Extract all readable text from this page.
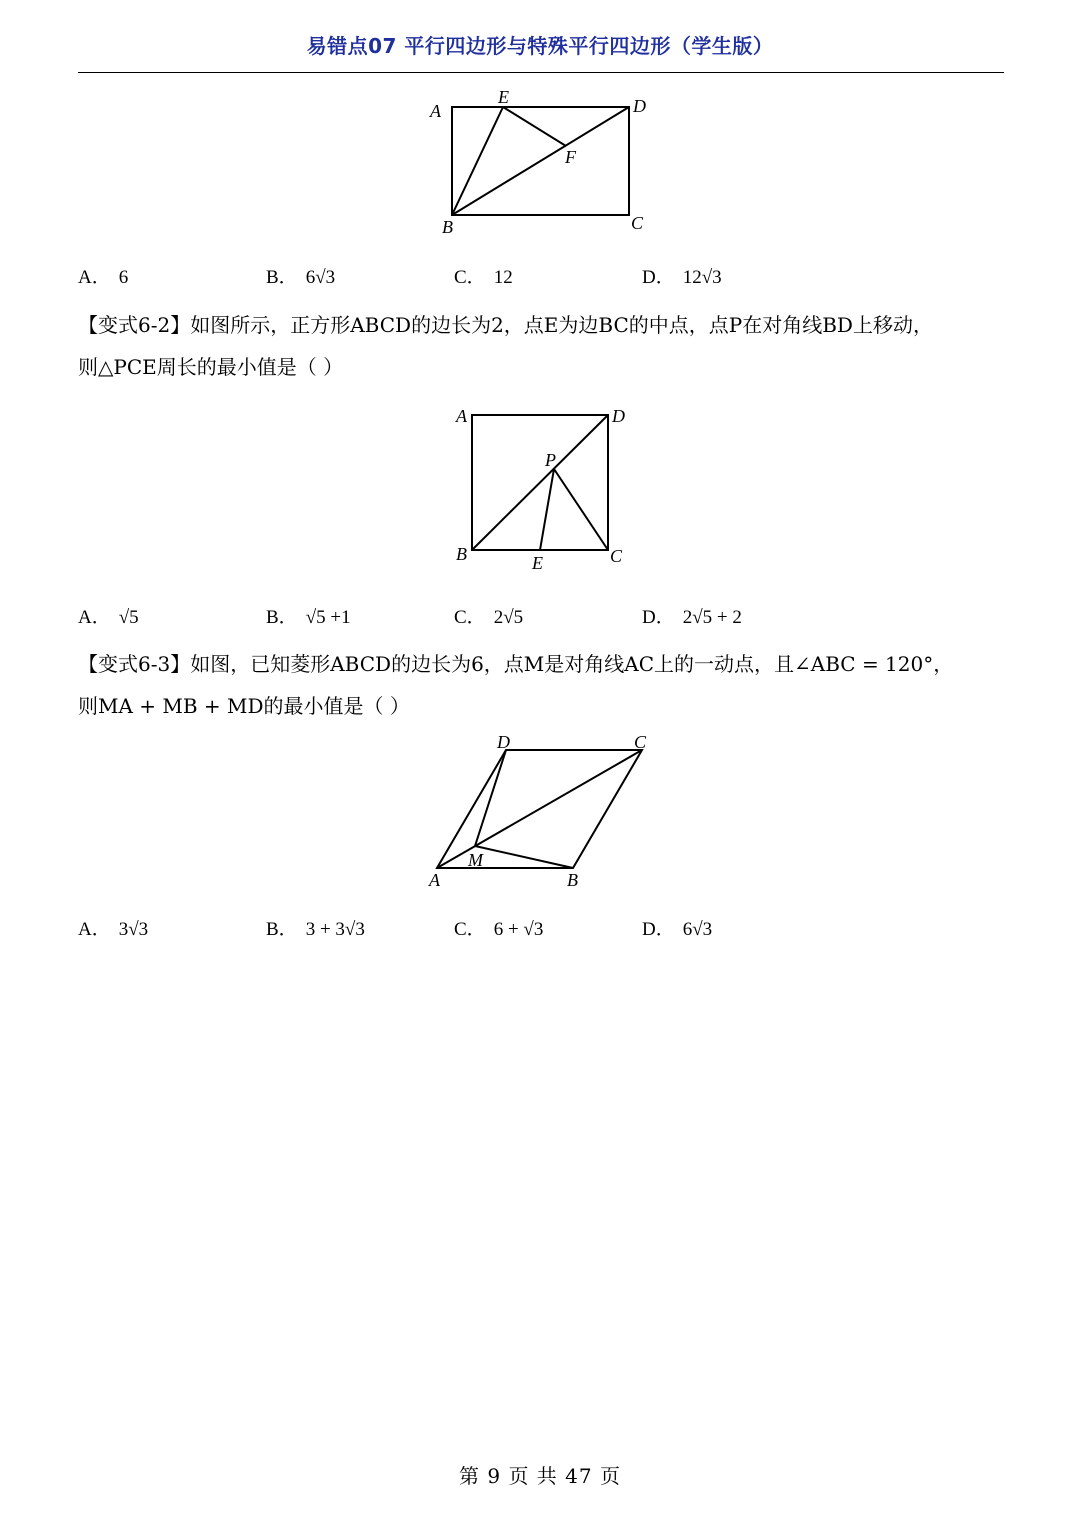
易错点07 平行四边形与特殊平行四边形（学生版）
A
E	D
F
B	C
A． 6	B． 6√3	C． 12	D． 12√3
【变式6-2】如图所示，正方形ABCD的边长为2，点E为边BC的中点，点P在对角线BD上移动，
则△PCE周长的最小值是（ ）
A	D
P
B	E	C
A． √5	B． √5 +1	C． 2√5	D． 2√5 + 2
【变式6-3】如图，已知菱形ABCD的边长为6，点M是对角线AC上的一动点，且∠ABC = 120°，
则MA + MB + MD的最小值是（ ）
D	C
M
A	B
A． 3√3	B． 3 + 3√3	C． 6 + √3	D． 6√3
第 9 页 共 47 页
